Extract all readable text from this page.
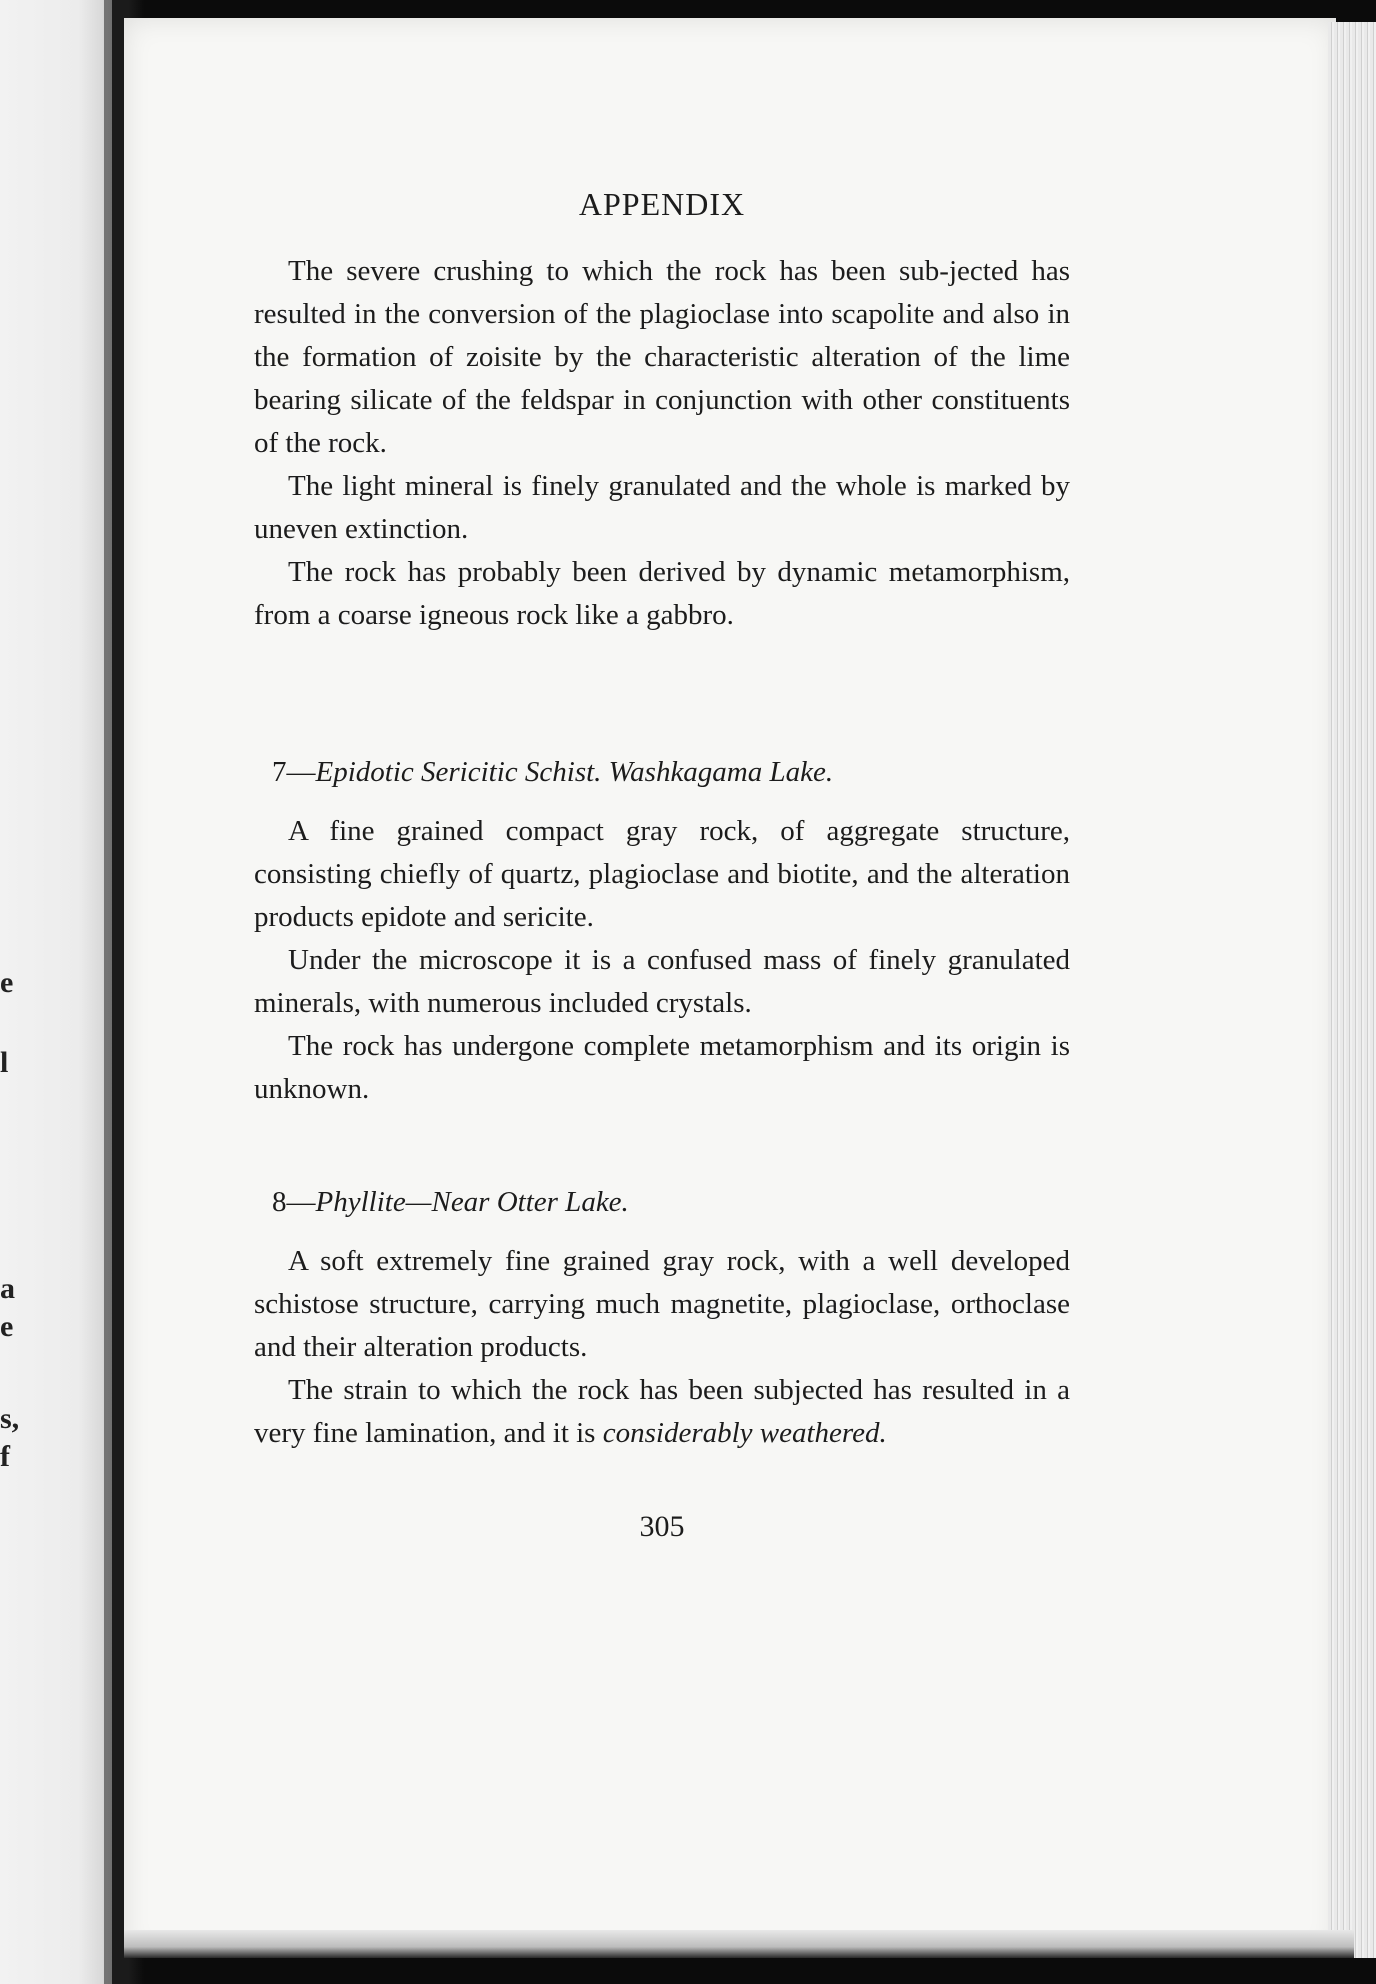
a
e
s,
f
l
e
APPENDIX

The severe crushing to which the rock has been sub-jected has resulted in the conversion of the plagioclase into scapolite and also in the formation of zoisite by the characteristic alteration of the lime bearing silicate of the feldspar in conjunction with other constituents of the rock.

The light mineral is finely granulated and the whole is marked by uneven extinction.

The rock has probably been derived by dynamic metamorphism, from a coarse igneous rock like a gabbro.

7—Epidotic Sericitic Schist. Washkagama Lake.

A fine grained compact gray rock, of aggregate structure, consisting chiefly of quartz, plagioclase and biotite, and the alteration products epidote and sericite.

Under the microscope it is a confused mass of finely granulated minerals, with numerous included crystals.

The rock has undergone complete metamorphism and its origin is unknown.

8—Phyllite—Near Otter Lake.

A soft extremely fine grained gray rock, with a well developed schistose structure, carrying much magnetite, plagioclase, orthoclase and their alteration products.

The strain to which the rock has been subjected has resulted in a very fine lamination, and it is considerably weathered.

305
